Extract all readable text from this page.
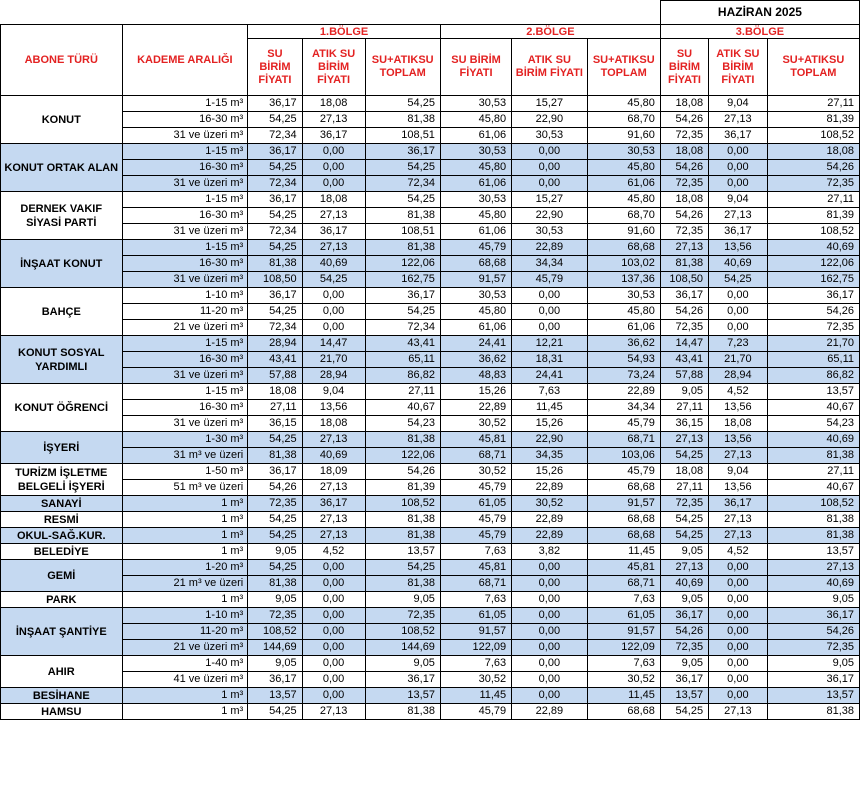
								HAZİRAN 2025		
ABONE TÜRÜ	KADEME ARALIĞI	1.BÖLGE			2.BÖLGE			3.BÖLGE		
		SU BİRİM FİYATI	ATIK SU BİRİM FİYATI	SU+ATIKSU TOPLAM	SU BİRİM FİYATI	ATIK SU BİRİM FİYATI	SU+ATIKSU TOPLAM	SU BİRİM FİYATI	ATIK SU BİRİM FİYATI	SU+ATIKSU TOPLAM
KONUT	1-15 m³	36,17	18,08	54,25	30,53	15,27	45,80	18,08	9,04	27,11
	16-30 m³	54,25	27,13	81,38	45,80	22,90	68,70	54,26	27,13	81,39
	31 ve üzeri m³	72,34	36,17	108,51	61,06	30,53	91,60	72,35	36,17	108,52
KONUT ORTAK ALAN	1-15 m³	36,17	0,00	36,17	30,53	0,00	30,53	18,08	0,00	18,08
	16-30 m³	54,25	0,00	54,25	45,80	0,00	45,80	54,26	0,00	54,26
	31 ve üzeri m³	72,34	0,00	72,34	61,06	0,00	61,06	72,35	0,00	72,35
DERNEK VAKIF SİYASİ PARTİ	1-15 m³	36,17	18,08	54,25	30,53	15,27	45,80	18,08	9,04	27,11
	16-30 m³	54,25	27,13	81,38	45,80	22,90	68,70	54,26	27,13	81,39
	31 ve üzeri m³	72,34	36,17	108,51	61,06	30,53	91,60	72,35	36,17	108,52
İNŞAAT KONUT	1-15 m³	54,25	27,13	81,38	45,79	22,89	68,68	27,13	13,56	40,69
	16-30 m³	81,38	40,69	122,06	68,68	34,34	103,02	81,38	40,69	122,06
	31 ve üzeri m³	108,50	54,25	162,75	91,57	45,79	137,36	108,50	54,25	162,75
BAHÇE	1-10 m³	36,17	0,00	36,17	30,53	0,00	30,53	36,17	0,00	36,17
	11-20 m³	54,25	0,00	54,25	45,80	0,00	45,80	54,26	0,00	54,26
	21 ve üzeri m³	72,34	0,00	72,34	61,06	0,00	61,06	72,35	0,00	72,35
KONUT SOSYAL YARDIMLI	1-15 m³	28,94	14,47	43,41	24,41	12,21	36,62	14,47	7,23	21,70
	16-30 m³	43,41	21,70	65,11	36,62	18,31	54,93	43,41	21,70	65,11
	31 ve üzeri m³	57,88	28,94	86,82	48,83	24,41	73,24	57,88	28,94	86,82
KONUT ÖĞRENCİ	1-15 m³	18,08	9,04	27,11	15,26	7,63	22,89	9,05	4,52	13,57
	16-30 m³	27,11	13,56	40,67	22,89	11,45	34,34	27,11	13,56	40,67
	31 ve üzeri m³	36,15	18,08	54,23	30,52	15,26	45,79	36,15	18,08	54,23
İŞYERİ	1-30 m³	54,25	27,13	81,38	45,81	22,90	68,71	27,13	13,56	40,69
	31 m³ ve üzeri	81,38	40,69	122,06	68,71	34,35	103,06	54,25	27,13	81,38
TURİZM İŞLETME BELGELİ İŞYERİ	1-50 m³	36,17	18,09	54,26	30,52	15,26	45,79	18,08	9,04	27,11
	51 m³ ve üzeri	54,26	27,13	81,39	45,79	22,89	68,68	27,11	13,56	40,67
SANAYİ	1 m³	72,35	36,17	108,52	61,05	30,52	91,57	72,35	36,17	108,52
RESMİ	1 m³	54,25	27,13	81,38	45,79	22,89	68,68	54,25	27,13	81,38
OKUL-SAĞ.KUR.	1 m³	54,25	27,13	81,38	45,79	22,89	68,68	54,25	27,13	81,38
BELEDİYE	1 m³	9,05	4,52	13,57	7,63	3,82	11,45	9,05	4,52	13,57
GEMİ	1-20 m³	54,25	0,00	54,25	45,81	0,00	45,81	27,13	0,00	27,13
	21 m³ ve üzeri	81,38	0,00	81,38	68,71	0,00	68,71	40,69	0,00	40,69
PARK	1 m³	9,05	0,00	9,05	7,63	0,00	7,63	9,05	0,00	9,05
İNŞAAT ŞANTİYE	1-10 m³	72,35	0,00	72,35	61,05	0,00	61,05	36,17	0,00	36,17
	11-20 m³	108,52	0,00	108,52	91,57	0,00	91,57	54,26	0,00	54,26
	21 ve üzeri m³	144,69	0,00	144,69	122,09	0,00	122,09	72,35	0,00	72,35
AHIR	1-40 m³	9,05	0,00	9,05	7,63	0,00	7,63	9,05	0,00	9,05
	41 ve üzeri m³	36,17	0,00	36,17	30,52	0,00	30,52	36,17	0,00	36,17
BESİHANE	1 m³	13,57	0,00	13,57	11,45	0,00	11,45	13,57	0,00	13,57
HAMSU	1 m³	54,25	27,13	81,38	45,79	22,89	68,68	54,25	27,13	81,38
